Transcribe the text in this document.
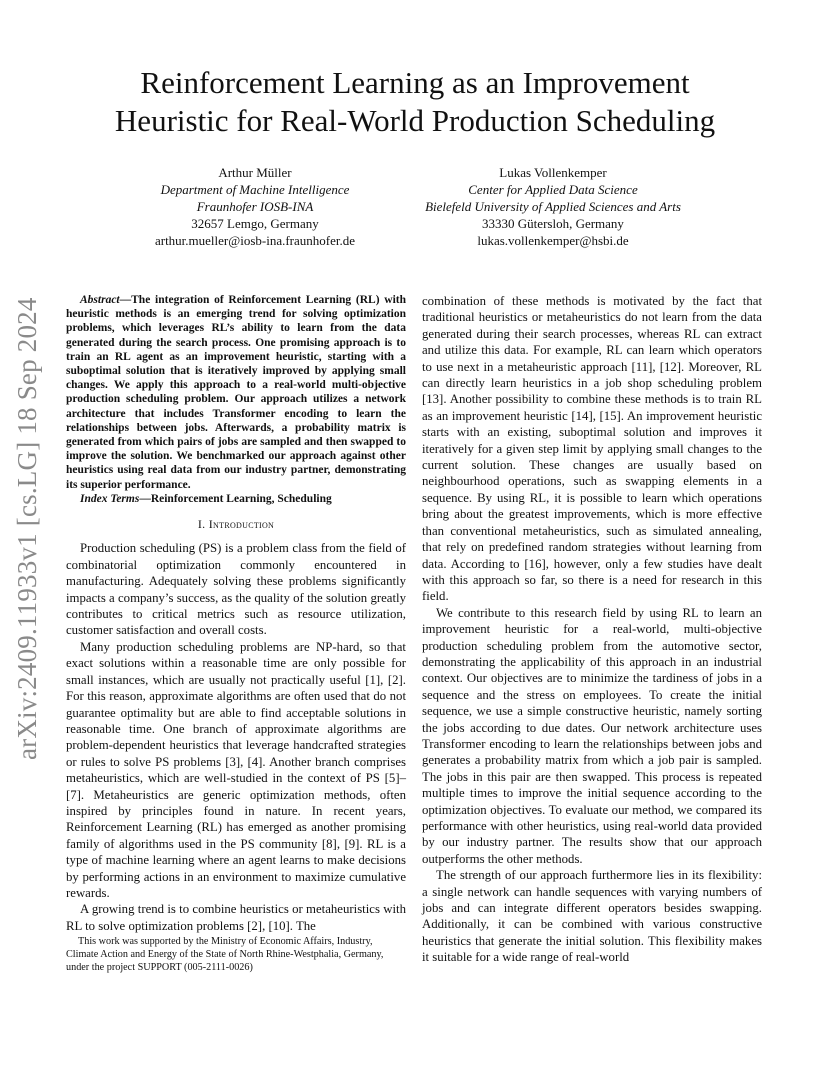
arXiv:2409.11933v1 [cs.LG] 18 Sep 2024
Reinforcement Learning as an Improvement
Heuristic for Real-World Production Scheduling
Arthur Müller
Department of Machine Intelligence
Fraunhofer IOSB-INA
32657 Lemgo, Germany
arthur.mueller@iosb-ina.fraunhofer.de
Lukas Vollenkemper
Center for Applied Data Science
Bielefeld University of Applied Sciences and Arts
33330 Gütersloh, Germany
lukas.vollenkemper@hsbi.de

Abstract—The integration of Reinforcement Learning (RL) with heuristic methods is an emerging trend for solving optimization problems, which leverages RL’s ability to learn from the data generated during the search process. One promising approach is to train an RL agent as an improvement heuristic, starting with a suboptimal solution that is iteratively improved by applying small changes. We apply this approach to a real-world multi-objective production scheduling problem. Our approach utilizes a network architecture that includes Transformer encoding to learn the relationships between jobs. Afterwards, a probability matrix is generated from which pairs of jobs are sampled and then swapped to improve the solution. We benchmarked our approach against other heuristics using real data from our industry partner, demonstrating its superior performance.

Index Terms—Reinforcement Learning, Scheduling

I. Introduction

Production scheduling (PS) is a problem class from the field of combinatorial optimization commonly encountered in manufacturing. Adequately solving these problems significantly impacts a company’s success, as the quality of the solution greatly contributes to critical metrics such as resource utilization, customer satisfaction and overall costs.

Many production scheduling problems are NP-hard, so that exact solutions within a reasonable time are only possible for small instances, which are usually not practically useful [1], [2]. For this reason, approximate algorithms are often used that do not guarantee optimality but are able to find acceptable solutions in reasonable time. One branch of approximate algorithms are problem-dependent heuristics that leverage handcrafted strategies or rules to solve PS problems [3], [4]. Another branch comprises metaheuristics, which are well-studied in the context of PS [5]–[7]. Metaheuristics are generic optimization methods, often inspired by principles found in nature. In recent years, Reinforcement Learning (RL) has emerged as another promising family of algorithms used in the PS community [8], [9]. RL is a type of machine learning where an agent learns to make decisions by performing actions in an environment to maximize cumulative rewards.

A growing trend is to combine heuristics or metaheuristics with RL to solve optimization problems [2], [10]. The

This work was supported by the Ministry of Economic Affairs, Industry, Climate Action and Energy of the State of North Rhine-Westphalia, Germany, under the project SUPPORT (005-2111-0026)

combination of these methods is motivated by the fact that traditional heuristics or metaheuristics do not learn from the data generated during their search processes, whereas RL can extract and utilize this data. For example, RL can learn which operators to use next in a metaheuristic approach [11], [12]. Moreover, RL can directly learn heuristics in a job shop scheduling problem [13]. Another possibility to combine these methods is to train RL as an improvement heuristic [14], [15]. An improvement heuristic starts with an existing, suboptimal solution and improves it iteratively for a given step limit by applying small changes to the current solution. These changes are usually based on neighbourhood operations, such as swapping elements in a sequence. By using RL, it is possible to learn which operations bring about the greatest improvements, which is more effective than conventional metaheuristics, such as simulated annealing, that rely on predefined random strategies without learning from data. According to [16], however, only a few studies have dealt with this approach so far, so there is a need for research in this field.

We contribute to this research field by using RL to learn an improvement heuristic for a real-world, multi-objective production scheduling problem from the automotive sector, demonstrating the applicability of this approach in an industrial context. Our objectives are to minimize the tardiness of jobs in a sequence and the stress on employees. To create the initial sequence, we use a simple constructive heuristic, namely sorting the jobs according to due dates. Our network architecture uses Transformer encoding to learn the relationships between jobs and generates a probability matrix from which a job pair is sampled. The jobs in this pair are then swapped. This process is repeated multiple times to improve the initial sequence according to the optimization objectives. To evaluate our method, we compared its performance with other heuristics, using real-world data provided by our industry partner. The results show that our approach outperforms the other methods.

The strength of our approach furthermore lies in its flexibility: a single network can handle sequences with varying numbers of jobs and can integrate different operators besides swapping. Additionally, it can be combined with various constructive heuristics that generate the initial solution. This flexibility makes it suitable for a wide range of real-world
